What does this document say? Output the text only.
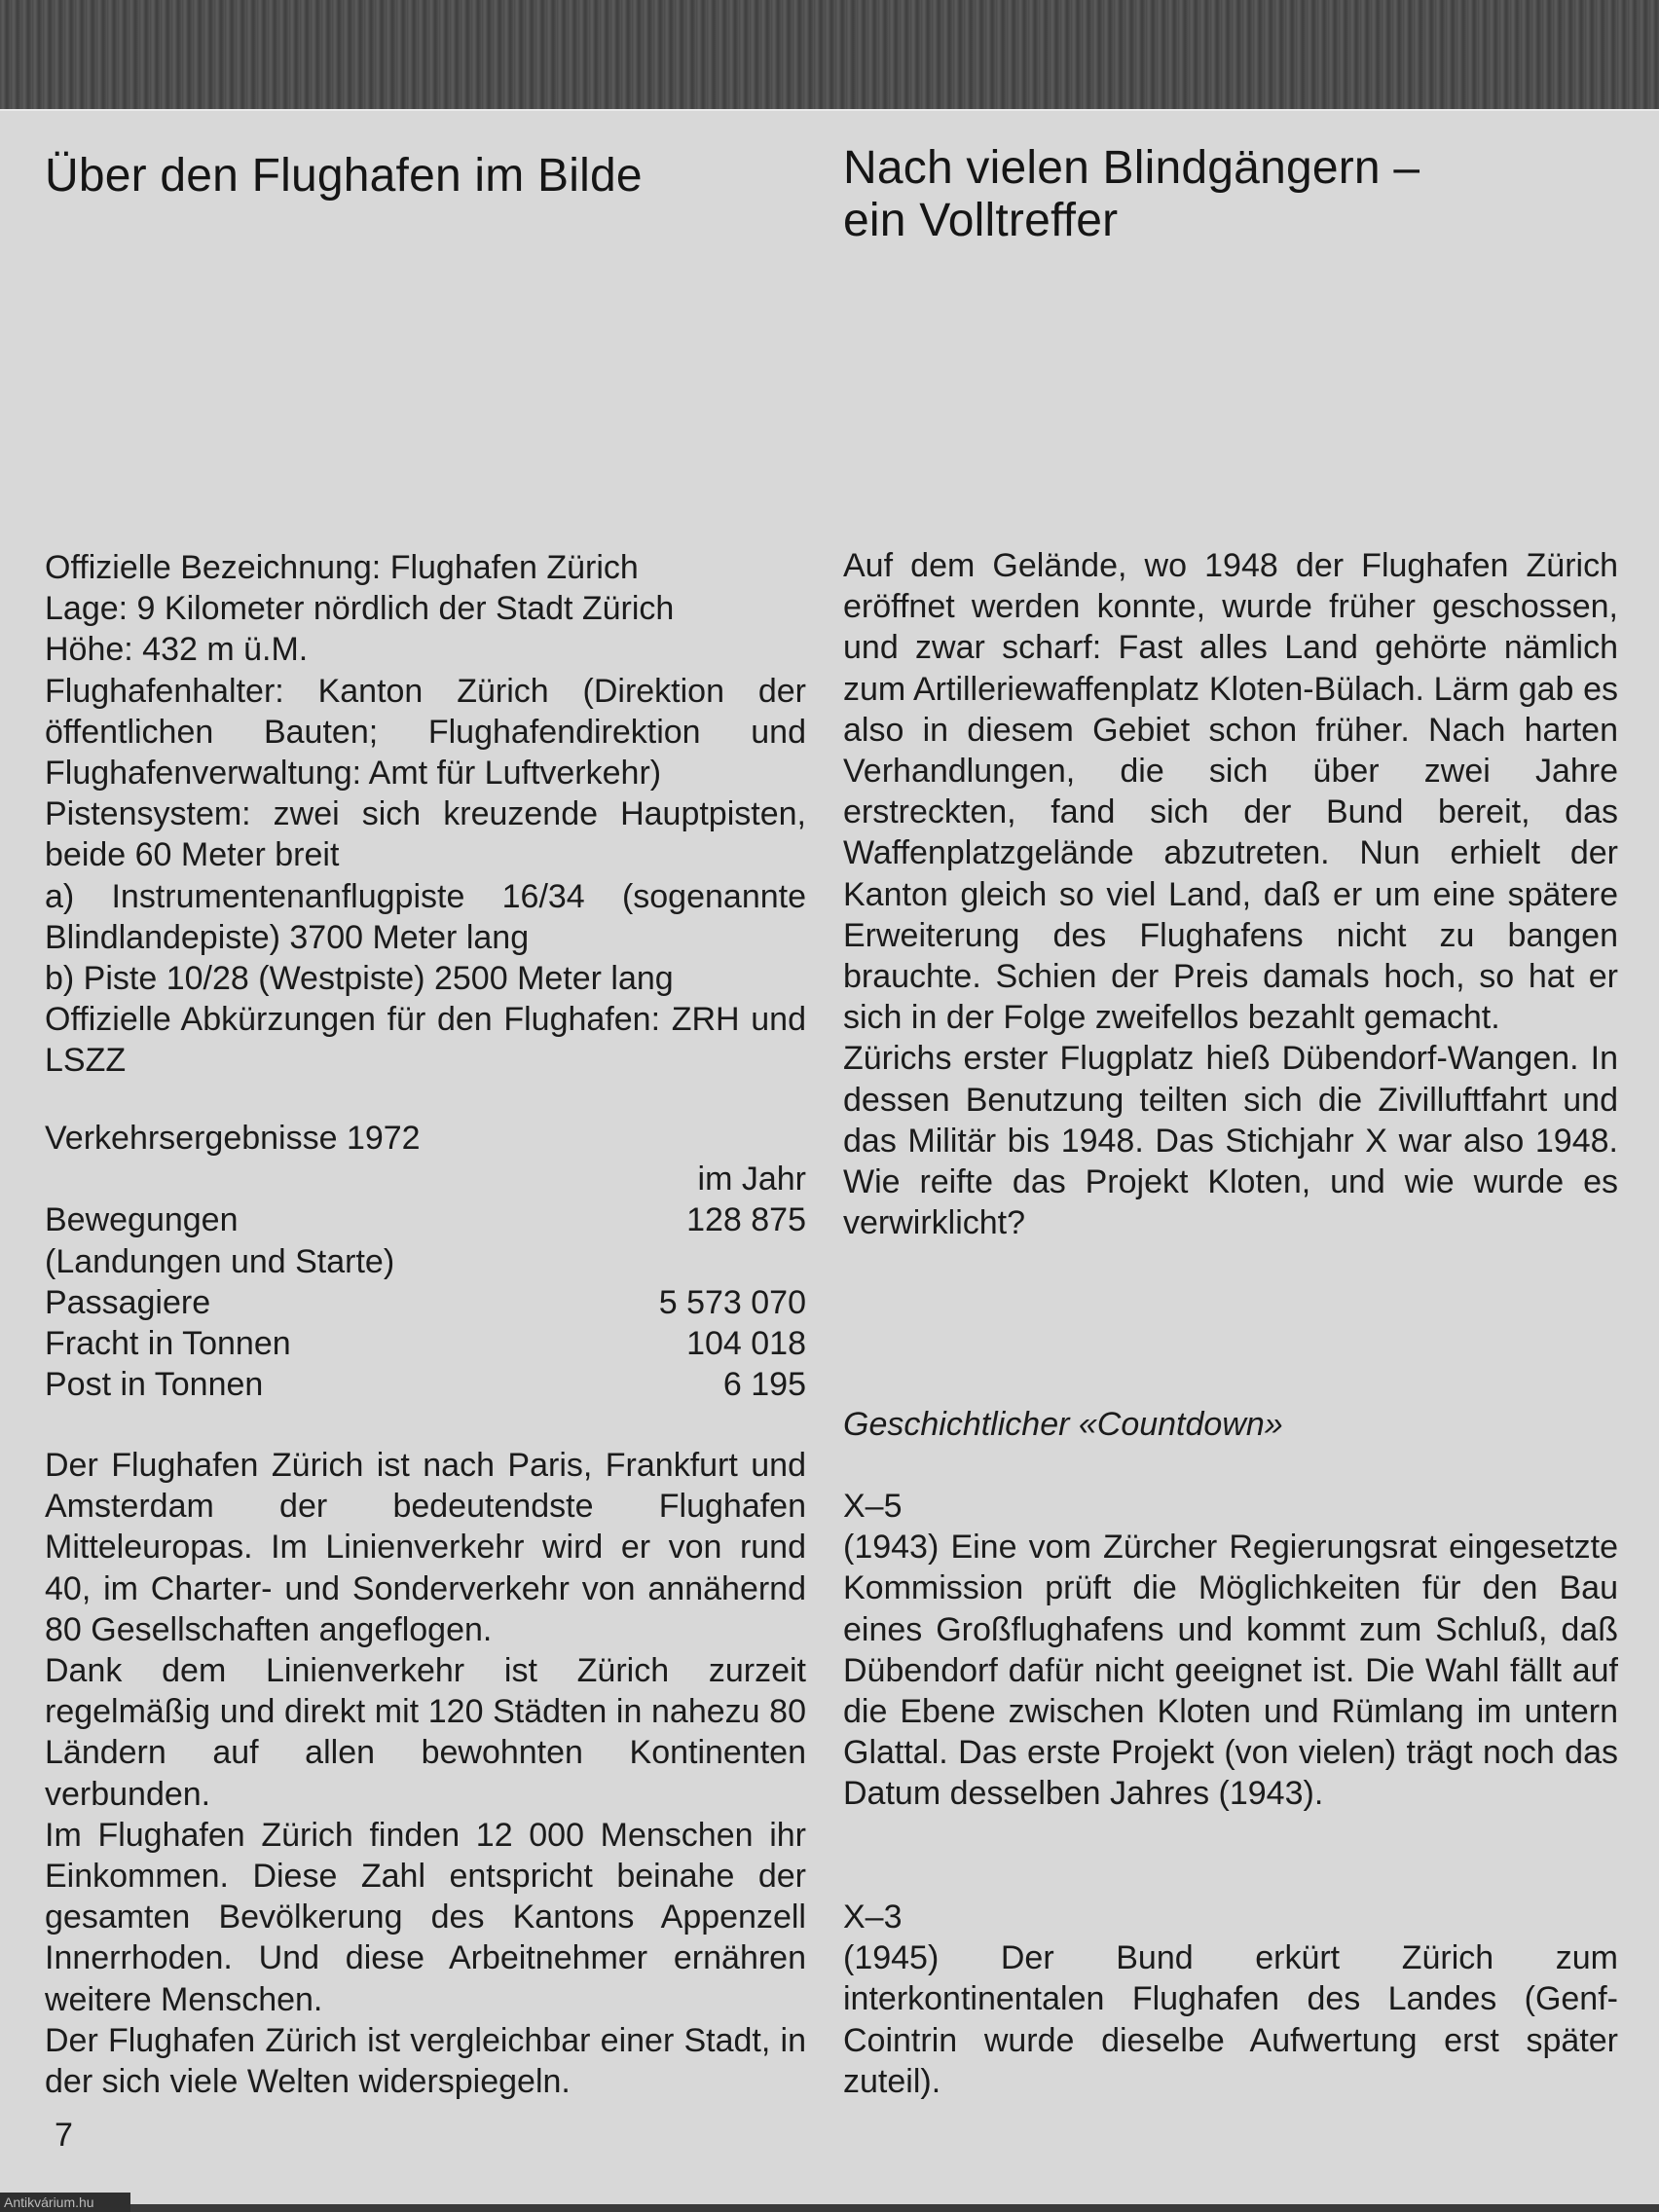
Über den Flughafen im Bilde

Offizielle Bezeichnung: Flughafen Zürich

Lage: 9 Kilometer nördlich der Stadt Zürich

Höhe: 432 m ü.M.

Flughafenhalter: Kanton Zürich (Direktion der öffentlichen Bauten; Flughafendirektion und Flughafenverwaltung: Amt für Luftverkehr)

Pistensystem: zwei sich kreuzende Hauptpisten, beide 60 Meter breit

a) Instrumentenanflugpiste 16/34 (sogenannte Blindlandepiste) 3700 Meter lang

b) Piste 10/28 (Westpiste) 2500 Meter lang

Offizielle Abkürzungen für den Flughafen: ZRH und LSZZ

Verkehrsergebnisse 1972

	im Jahr
Bewegungen	128 875
(Landungen und Starte)	
Passagiere	5 573 070
Fracht in Tonnen	104 018
Post in Tonnen	6 195

Der Flughafen Zürich ist nach Paris, Frankfurt und Amsterdam der bedeutendste Flughafen Mitteleuropas. Im Linienverkehr wird er von rund 40, im Charter- und Sonderverkehr von annähernd 80 Gesellschaften angeflogen.

Dank dem Linienverkehr ist Zürich zurzeit regelmäßig und direkt mit 120 Städten in nahezu 80 Ländern auf allen bewohnten Kontinenten verbunden.

Im Flughafen Zürich finden 12 000 Menschen ihr Einkommen. Diese Zahl entspricht beinahe der gesamten Bevölkerung des Kantons Appenzell Innerrhoden. Und diese Arbeitnehmer ernähren weitere Menschen.

Der Flughafen Zürich ist vergleichbar einer Stadt, in der sich viele Welten widerspiegeln.

7
Nach vielen Blindgängern –
ein Volltreffer

Auf dem Gelände, wo 1948 der Flughafen Zürich eröffnet werden konnte, wurde früher geschossen, und zwar scharf: Fast alles Land gehörte nämlich zum Artilleriewaffenplatz Kloten-Bülach. Lärm gab es also in diesem Gebiet schon früher. Nach harten Verhandlungen, die sich über zwei Jahre erstreckten, fand sich der Bund bereit, das Waffenplatzgelände abzutreten. Nun erhielt der Kanton gleich so viel Land, daß er um eine spätere Erweiterung des Flughafens nicht zu bangen brauchte. Schien der Preis damals hoch, so hat er sich in der Folge zweifellos bezahlt gemacht.

Zürichs erster Flugplatz hieß Dübendorf-Wangen. In dessen Benutzung teilten sich die Zivilluftfahrt und das Militär bis 1948. Das Stichjahr X war also 1948. Wie reifte das Projekt Kloten, und wie wurde es verwirklicht?

Geschichtlicher «Countdown»

X–5

(1943) Eine vom Zürcher Regierungsrat eingesetzte Kommission prüft die Möglichkeiten für den Bau eines Großflughafens und kommt zum Schluß, daß Dübendorf dafür nicht geeignet ist. Die Wahl fällt auf die Ebene zwischen Kloten und Rümlang im untern Glattal. Das erste Projekt (von vielen) trägt noch das Datum desselben Jahres (1943).

X–3

(1945) Der Bund erkürt Zürich zum interkontinentalen Flughafen des Landes (Genf-Cointrin wurde dieselbe Aufwertung erst später zuteil).

Antikvárium.hu
